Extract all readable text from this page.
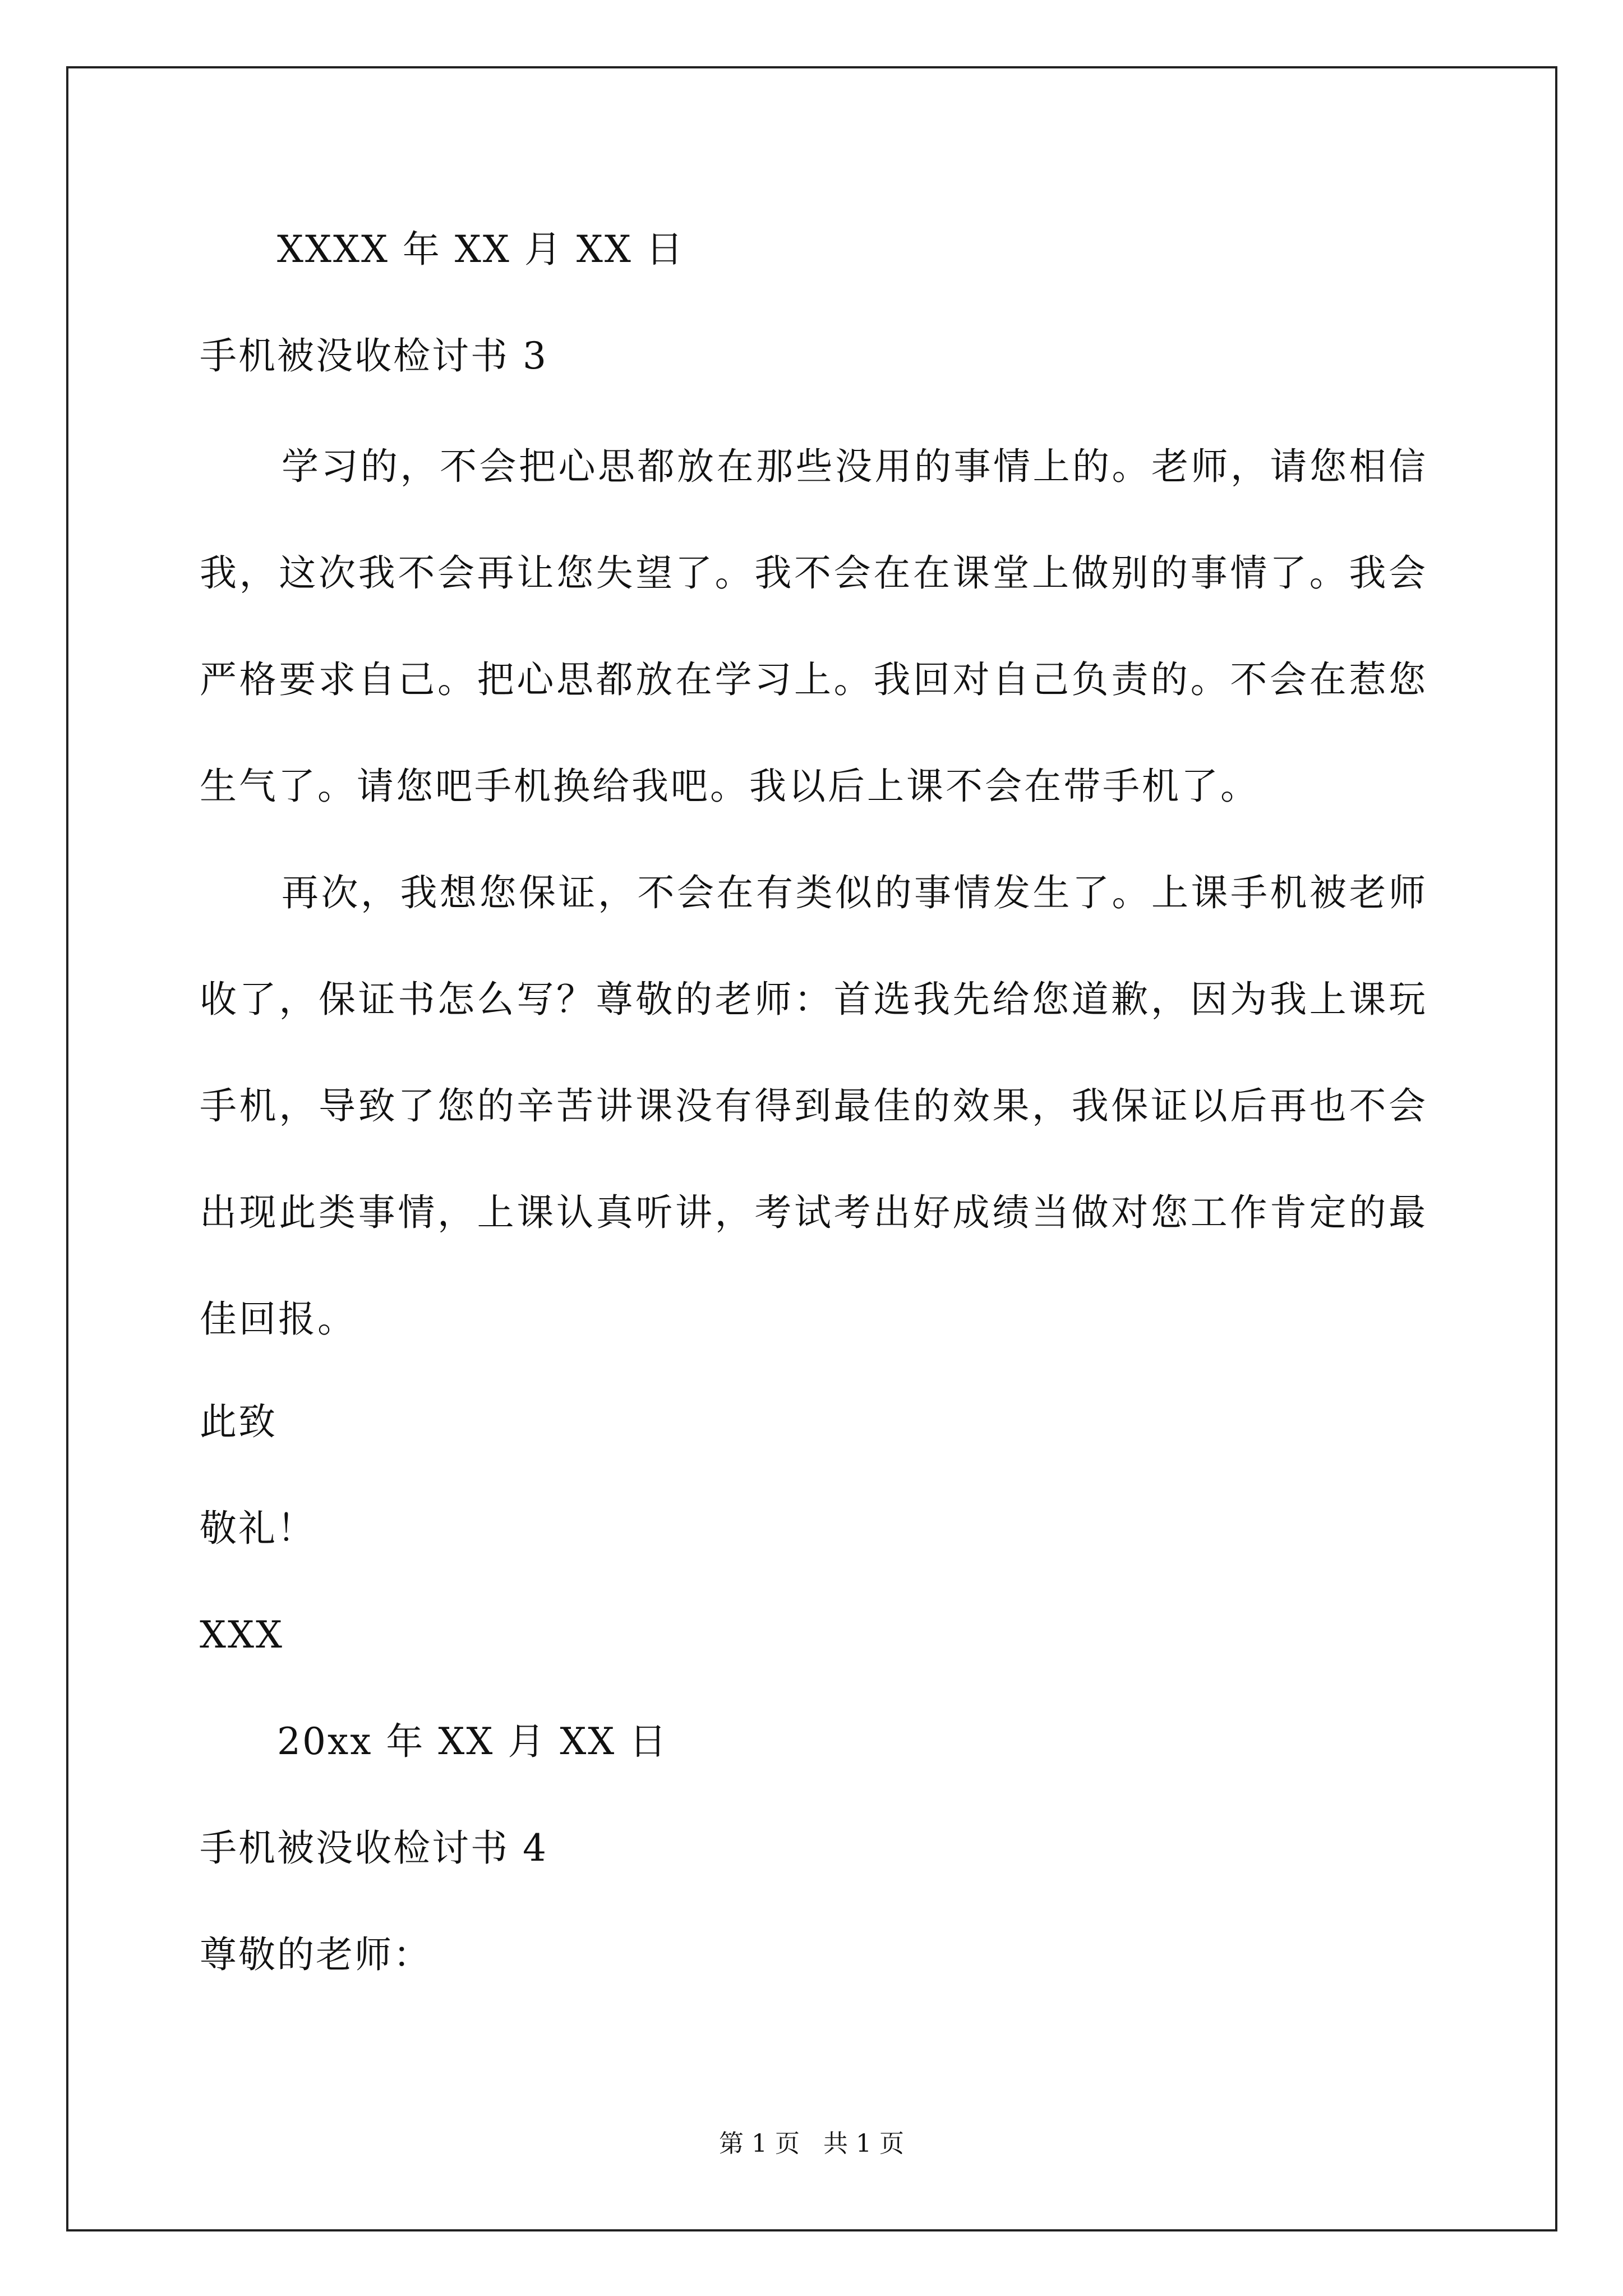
XXXX 年 XX 月 XX 日
手机被没收检讨书 3

学习的，不会把心思都放在那些没用的事情上的。老师，请您相信我，这次我不会再让您失望了。我不会在在课堂上做别的事情了。我会严格要求自己。把心思都放在学习上。我回对自己负责的。不会在惹您生气了。请您吧手机换给我吧。我以后上课不会在带手机了。

再次，我想您保证，不会在有类似的事情发生了。上课手机被老师收了，保证书怎么写？尊敬的老师：首选我先给您道歉，因为我上课玩手机，导致了您的辛苦讲课没有得到最佳的效果，我保证以后再也不会出现此类事情，上课认真听讲，考试考出好成绩当做对您工作肯定的最佳回报。

此致
敬礼！
XXX
20xx 年 XX 月 XX 日
手机被没收检讨书 4
尊敬的老师：
第 1 页   共 1 页
